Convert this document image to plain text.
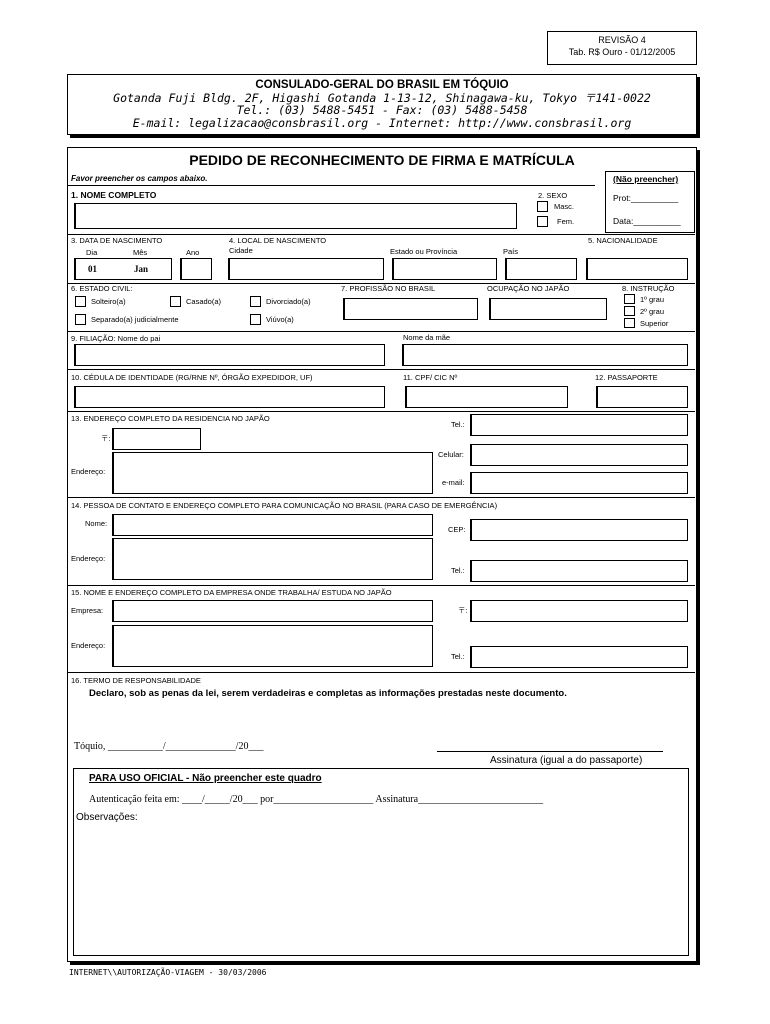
REVISÃO 4
Tab. R$ Ouro - 01/12/2005
CONSULADO-GERAL DO BRASIL EM TÓQUIO
Gotanda Fuji Bldg. 2F, Higashi Gotanda 1-13-12, Shinagawa-ku, Tokyo 〒141-0022
Tel.: (03) 5488-5451 - Fax: (03) 5488-5458
E-mail: legalizacao@consbrasil.org - Internet: http://www.consbrasil.org
PEDIDO DE RECONHECIMENTO DE FIRMA E MATRÍCULA
Favor preencher os campos abaixo.	(Não preencher)
Prot:__________
Data:__________
1. NOME COMPLETO	2. SEXO
Masc.
Fem.
3. DATA DE NASCIMENTO
Dia	Mês	Ano
01	Jan
4. LOCAL DE NASCIMENTO
Cidade	Estado ou Província	País
5. NACIONALIDADE
6. ESTADO CIVIL:
Solteiro(a)	Casado(a)	Divorciado(a)
Separado(a) judicialmente	Viúvo(a)
7. PROFISSÃO NO BRASIL	OCUPAÇÃO NO JAPÃO	8. INSTRUÇÃO
1º grau
2º grau
Superior
9. FILIAÇÃO: Nome do pai	Nome da mãe
10. CÉDULA DE IDENTIDADE (RG/RNE Nº, ÓRGÃO EXPEDIDOR, UF)	11. CPF/ CIC Nº	12. PASSAPORTE
13. ENDEREÇO COMPLETO DA RESIDENCIA NO JAPÃO
〒:
Endereço:
Tel.:
Celular:
e-mail:
14. PESSOA DE CONTATO E ENDEREÇO COMPLETO PARA COMUNICAÇÃO NO BRASIL (PARA CASO DE EMERGÊNCIA)
Nome:
CEP:
Endereço:
Tel.:
15. NOME E ENDEREÇO COMPLETO DA EMPRESA ONDE TRABALHA/ ESTUDA NO JAPÃO
Empresa:	〒:
Endereço:
Tel.:
16. TERMO DE RESPONSABILIDADE
Declaro, sob as penas da lei, serem verdadeiras e completas as informações prestadas neste documento.
Tóquio, ___________/______________/20___
Assinatura (igual a do passaporte)
PARA USO OFICIAL - Não preencher este quadro
Autenticação feita em: ____/_____/20___ por____________________ Assinatura_________________________
Observações:
INTERNET\\AUTORIZAÇÃO-VIAGEM - 30/03/2006
